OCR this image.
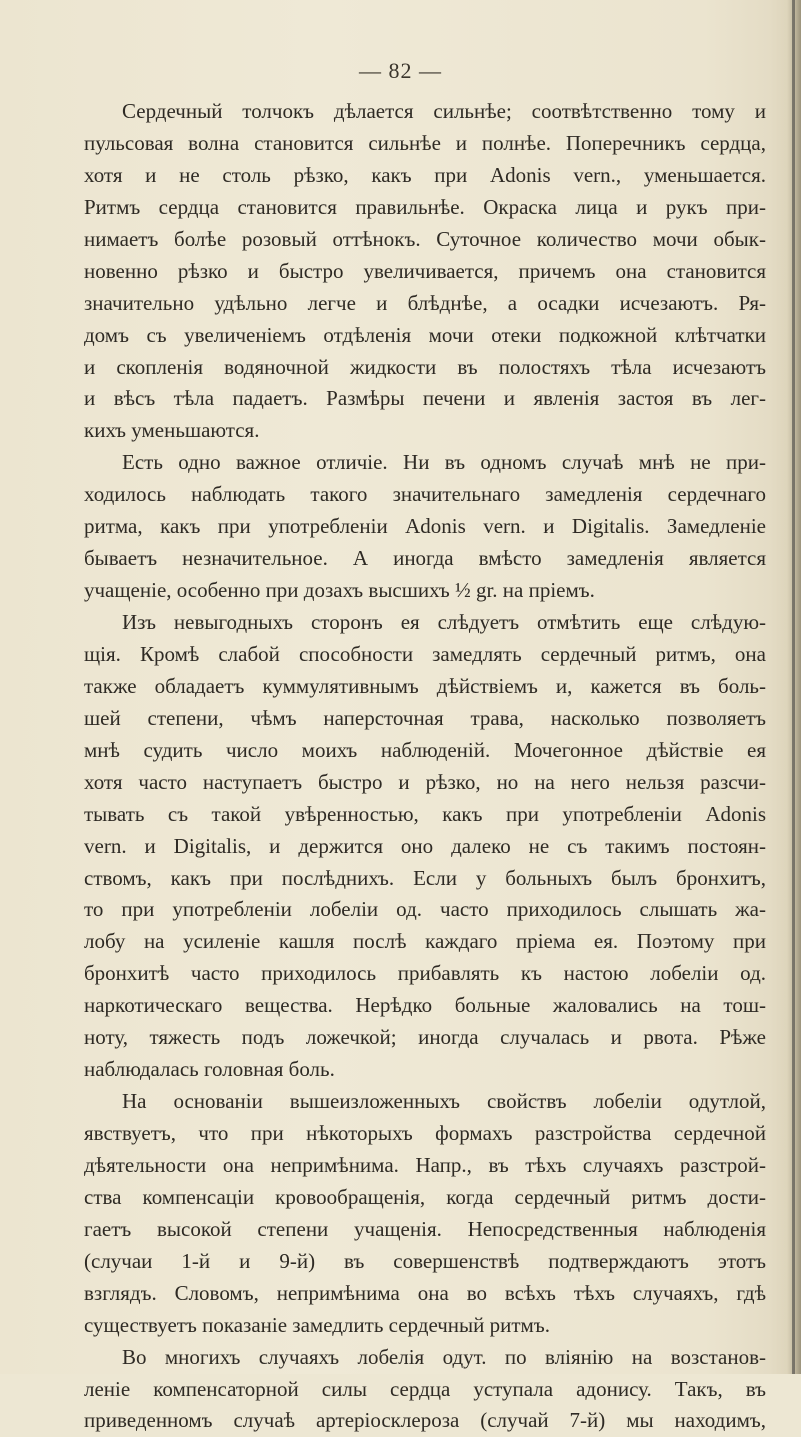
— 82 —
Сердечный толчокъ дѣлается сильнѣе; соотвѣтственно тому и
пульсовая волна становится сильнѣе и полнѣе. Поперечникъ сердца,
хотя и не столь рѣзко, какъ при Adonis vern., уменьшается.
Ритмъ сердца становится правильнѣе. Окраска лица и рукъ при-
нимаетъ болѣе розовый оттѣнокъ. Суточное количество мочи обык-
новенно рѣзко и быстро увеличивается, причемъ она становится
значительно удѣльно легче и блѣднѣе, а осадки исчезаютъ. Ря-
домъ съ увеличеніемъ отдѣленія мочи отеки подкожной клѣтчатки
и скопленія водяночной жидкости въ полостяхъ тѣла исчезаютъ
и вѣсъ тѣла падаетъ. Размѣры печени и явленія застоя въ лег-
кихъ уменьшаются.
Есть одно важное отличіе. Ни въ одномъ случаѣ мнѣ не при-
ходилось наблюдать такого значительнаго замедленія сердечнаго
ритма, какъ при употребленіи Adonis vern. и Digitalis. Замедленіе
бываетъ незначительное. А иногда вмѣсто замедленія является
учащеніе, особенно при дозахъ высшихъ ½ gr. на пріемъ.
Изъ невыгодныхъ сторонъ ея слѣдуетъ отмѣтить еще слѣдую-
щія. Кромѣ слабой способности замедлять сердечный ритмъ, она
также обладаетъ куммулятивнымъ дѣйствіемъ и, кажется въ боль-
шей степени, чѣмъ наперсточная трава, насколько позволяетъ
мнѣ судить число моихъ наблюденій. Мочегонное дѣйствіе ея
хотя часто наступаетъ быстро и рѣзко, но на него нельзя разсчи-
тывать съ такой увѣренностью, какъ при употребленіи Adonis
vern. и Digitalis, и держится оно далеко не съ такимъ постоян-
ствомъ, какъ при послѣднихъ. Если у больныхъ былъ бронхитъ,
то при употребленіи лобеліи од. часто приходилось слышать жа-
лобу на усиленіе кашля послѣ каждаго пріема ея. Поэтому при
бронхитѣ часто приходилось прибавлять къ настою лобеліи од.
наркотическаго вещества. Нерѣдко больные жаловались на тош-
ноту, тяжесть подъ ложечкой; иногда случалась и рвота. Рѣже
наблюдалась головная боль.
На основаніи вышеизложенныхъ свойствъ лобеліи одутлой,
явствуетъ, что при нѣкоторыхъ формахъ разстройства сердечной
дѣятельности она непримѣнима. Напр., въ тѣхъ случаяхъ разстрой-
ства компенсаціи кровообращенія, когда сердечный ритмъ дости-
гаетъ высокой степени учащенія. Непосредственныя наблюденія
(случаи 1-й и 9-й) въ совершенствѣ подтверждаютъ этотъ
взглядъ. Словомъ, непримѣнима она во всѣхъ тѣхъ случаяхъ, гдѣ
существуетъ показаніе замедлить сердечный ритмъ.
Во многихъ случаяхъ лобелія одут. по вліянію на возстанов-
леніе компенсаторной силы сердца уступала адонису. Такъ, въ
приведенномъ случаѣ артеріосклероза (случай 7-й) мы находимъ,
